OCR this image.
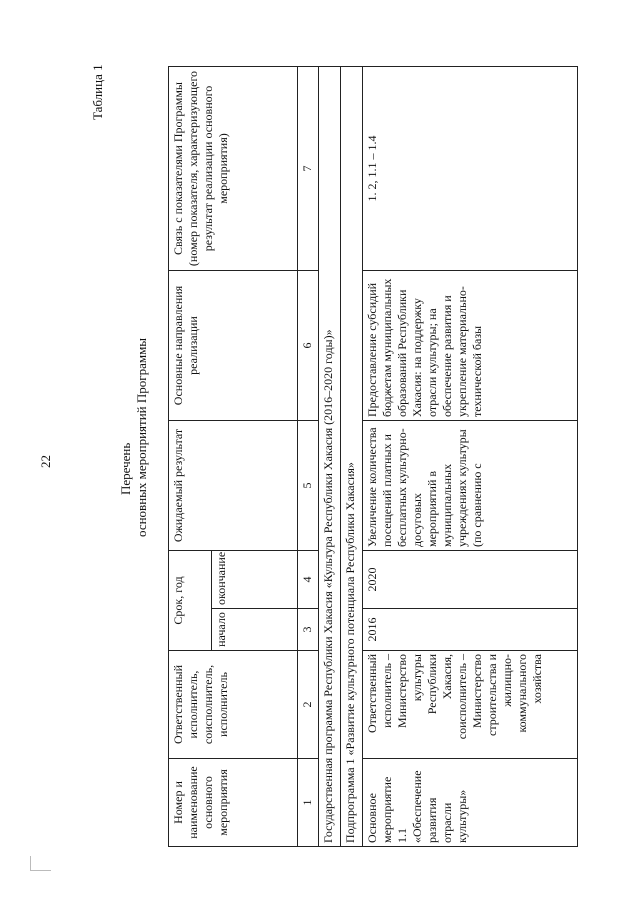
22	Перечень основных мероприятий Программы
Таблица 1
Номер и наименование основного мероприятия	Ответственный исполнитель, соисполнитель, исполнитель	Срок, год		Ожидаемый результат	Основные направления реализации	Связь с показателями Программы (номер показателя, характеризующего результат реализации основного мероприятия)
		начало	окончание			
1	2	3	4	5	6	7
Государственная программа Республики Хакасия «Культура Республики Хакасия (2016–2020 годы)»						
Подпрограмма 1 «Развитие культурного потенциала Республики Хакасия»						
Основное мероприятие 1.1 «Обеспечение развития отрасли культуры»	Ответственный исполнитель – Министерство культуры Республики Хакасия, соисполнитель – Министерство строительства и жилищно-коммунального хозяйства	2016	2020	Увеличение количества посещений платных и бесплатных культурно-досуговых мероприятий в муниципальных учреждениях культуры (по сравнению с	Предоставление субсидий бюджетам муниципальных образований Республики Хакасия: на поддержку отрасли культуры; на обеспечение развития и укрепление материально-технической базы	1. 2, 1.1 – 1.4
